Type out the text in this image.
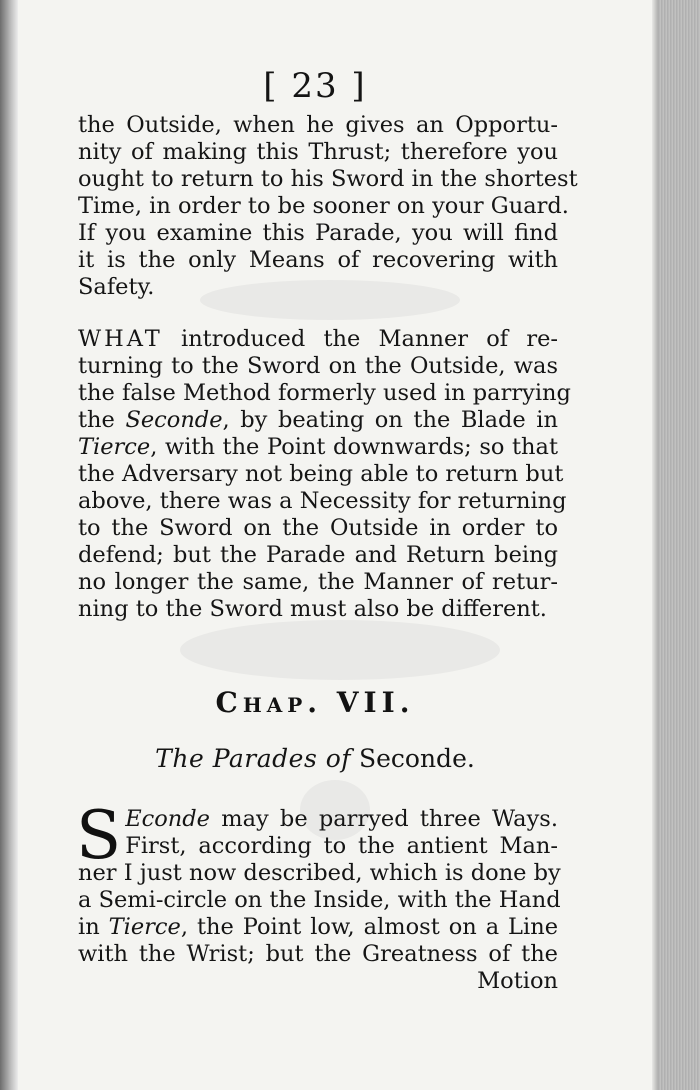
[ 23 ]
the Outside, when he gives an Opportu-
nity of making this Thrust; therefore you
ought to return to his Sword in the shortest
Time, in order to be sooner on your Guard.
If you examine this Parade, you will find
it is the only Means of recovering with
Safety.
WHAT introduced the Manner of re-
turning to the Sword on the Outside, was
the false Method formerly used in parrying
the Seconde, by beating on the Blade in
Tierce, with the Point downwards; so that
the Adversary not being able to return but
above, there was a Necessity for returning
to the Sword on the Outside in order to
defend; but the Parade and Return being
no longer the same, the Manner of retur-
ning to the Sword must also be different.
Chap. VII.
The Parades of Seconde.
S Econde may be parryed three Ways.
First, according to the antient Man-
ner I just now described, which is done by
a Semi-circle on the Inside, with the Hand
in Tierce, the Point low, almost on a Line
with the Wrist; but the Greatness of the
Motion
